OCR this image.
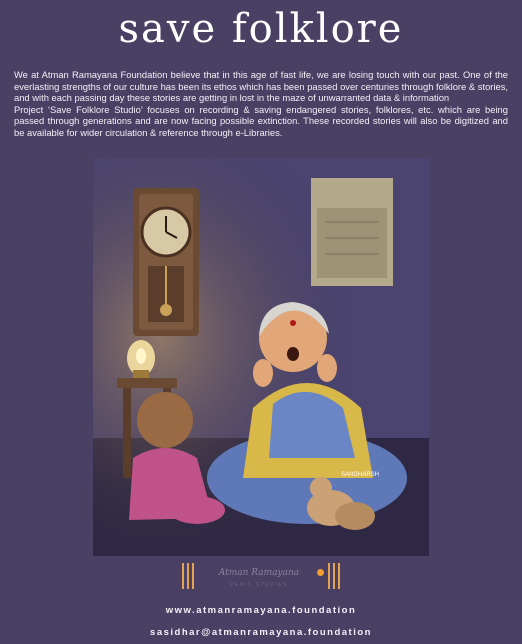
save folklore

We at Atman Ramayana Foundation believe that in this age of fast life, we are losing touch with our past. One of the everlasting strengths of our culture has been its ethos which has been passed over centuries through folklore & stories, and with each passing day these stories are getting in lost in the maze of unwarranted data & information

Project ‘Save Folklore Studio’ focuses on recording & saving endangered stories, folklores, etc. which are being passed through generations and are now facing possible extinction. These recorded stories will also be digitized and be available for wider circulation & reference through e-Libraries.

SANGHARSH
Atman Ramayana
VEDIC STUDIES
www.atmanramayana.foundation
sasidhar@atmanramayana.foundation
